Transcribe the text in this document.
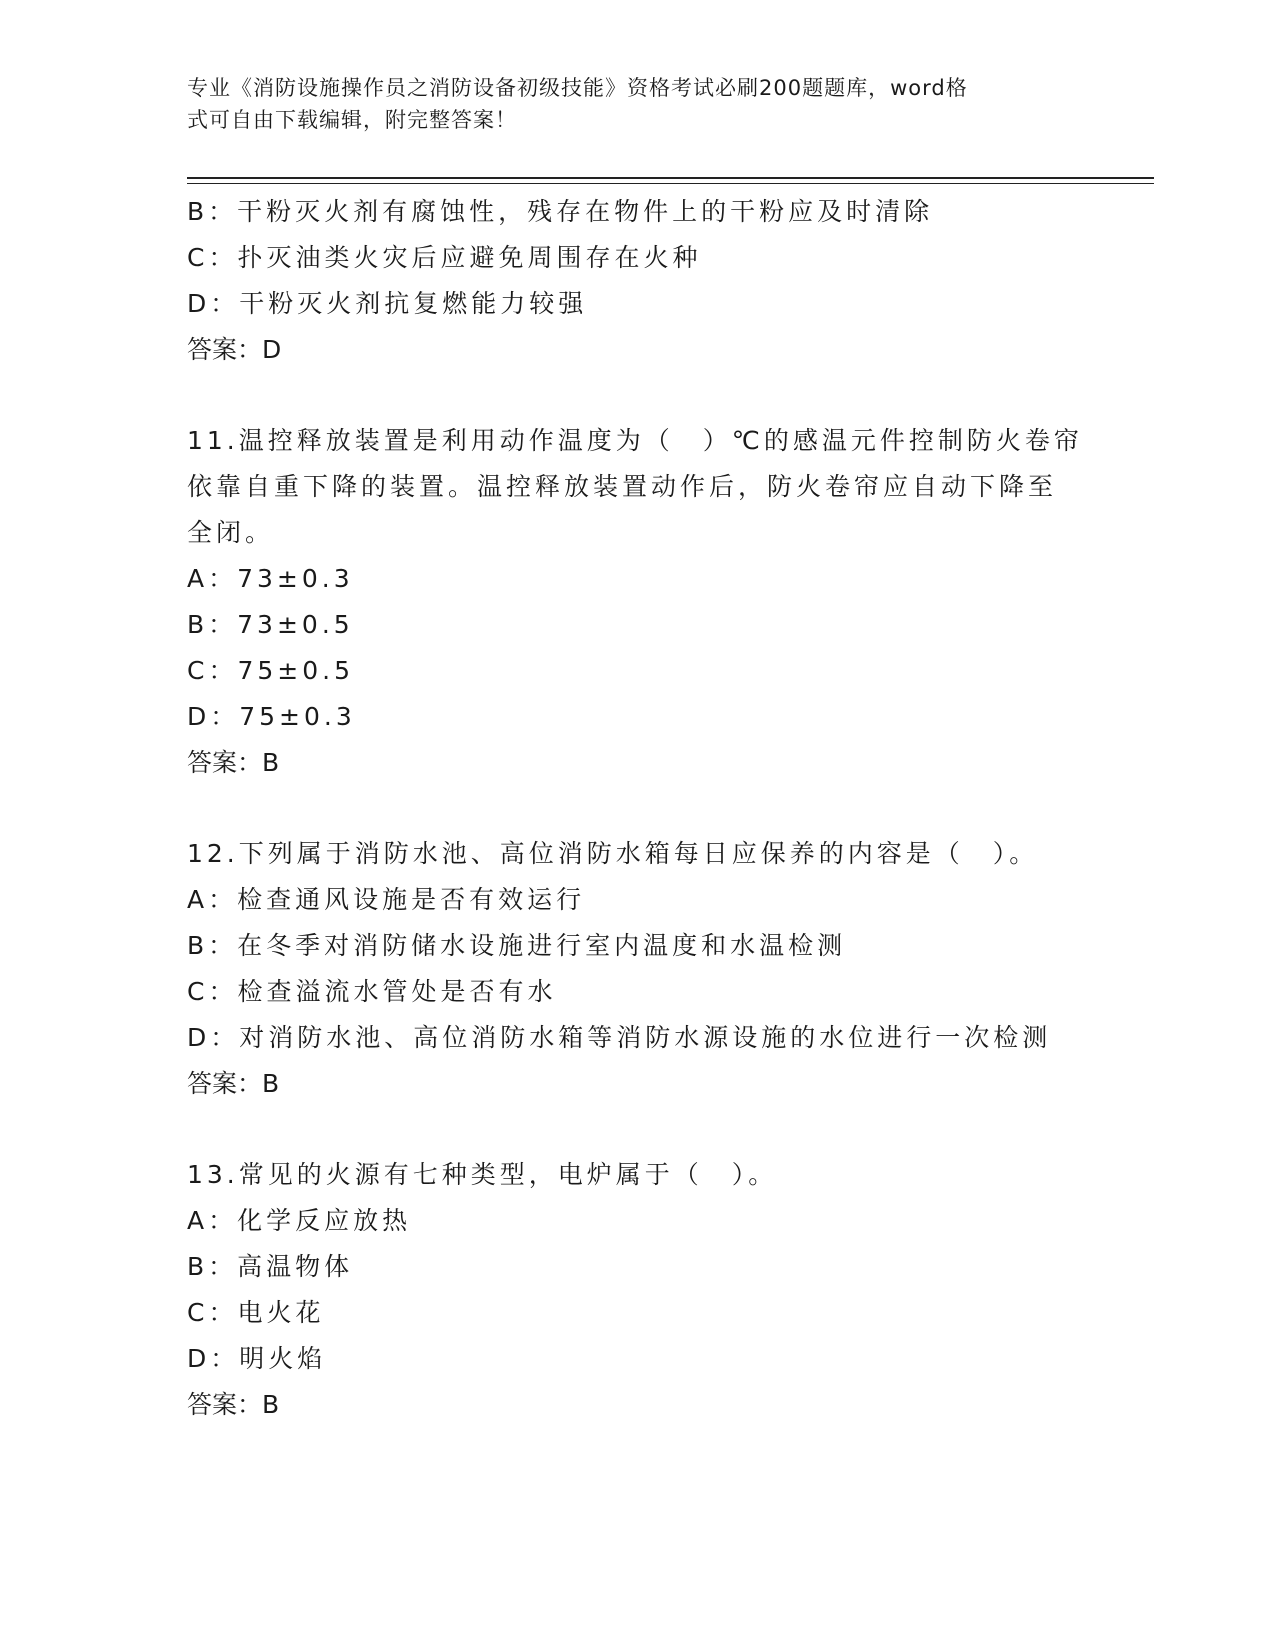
专业《消防设施操作员之消防设备初级技能》资格考试必刷200题题库，word格
式可自由下载编辑，附完整答案！
B：干粉灭火剂有腐蚀性，残存在物件上的干粉应及时清除
C：扑灭油类火灾后应避免周围存在火种
D：干粉灭火剂抗复燃能力较强
答案：D
11.温控释放装置是利用动作温度为（　）℃的感温元件控制防火卷帘
依靠自重下降的装置。温控释放装置动作后，防火卷帘应自动下降至
全闭。
A：73±0.3
B：73±0.5
C：75±0.5
D：75±0.3
答案：B
12.下列属于消防水池、高位消防水箱每日应保养的内容是（　）。
A：检查通风设施是否有效运行
B：在冬季对消防储水设施进行室内温度和水温检测
C：检查溢流水管处是否有水
D：对消防水池、高位消防水箱等消防水源设施的水位进行一次检测
答案：B
13.常见的火源有七种类型，电炉属于（　）。
A：化学反应放热
B：高温物体
C：电火花
D：明火焰
答案：B
